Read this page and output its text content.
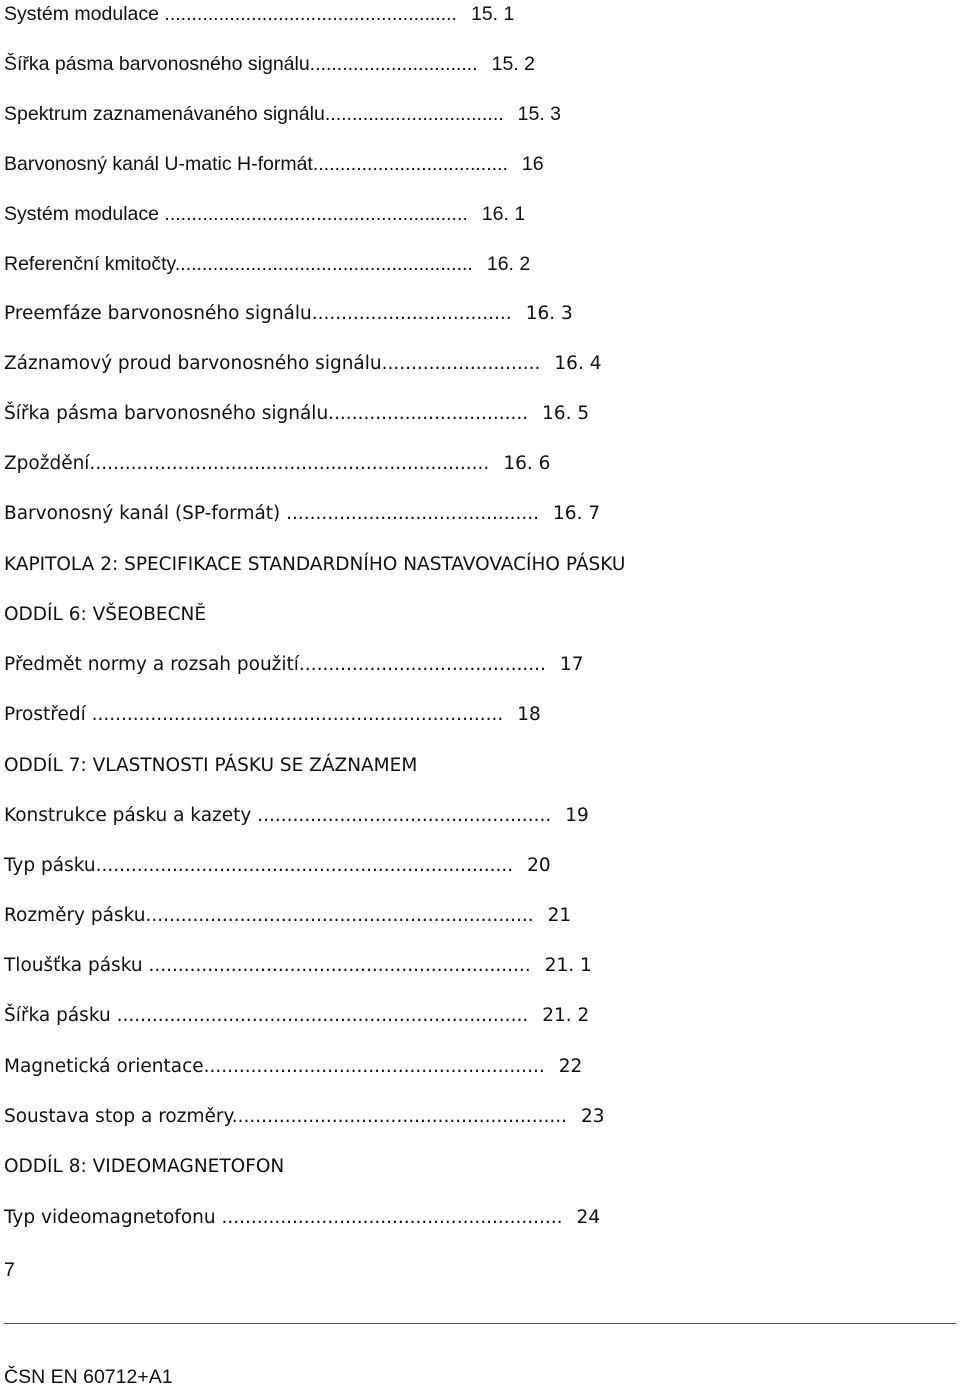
Systém modulace ...................................................... 15. 1
Šířka pásma barvonosného signálu............................... 15. 2
Spektrum zaznamenávaného signálu................................. 15. 3
Barvonosný kanál U-matic H-formát.................................... 16
Systém modulace ........................................................ 16. 1
Referenční kmitočty....................................................... 16. 2
Preemfáze barvonosného signálu.................................. 16. 3
Záznamový proud barvonosného signálu........................... 16. 4
Šířka pásma barvonosného signálu.................................. 16. 5
Zpoždění.................................................................... 16. 6
Barvonosný kanál (SP-formát) ........................................... 16. 7
KAPITOLA 2: SPECIFIKACE STANDARDNÍHO NASTAVOVACÍHO PÁSKU
ODDÍL 6: VŠEOBECNĚ
Předmět normy a rozsah použití.......................................... 17
Prostředí ...................................................................... 18
ODDÍL 7: VLASTNOSTI PÁSKU SE ZÁZNAMEM
Konstrukce pásku a kazety .................................................. 19
Typ pásku....................................................................... 20
Rozměry pásku.................................................................. 21
Tloušťka pásku ................................................................. 21. 1
Šířka pásku ...................................................................... 21. 2
Magnetická orientace.......................................................... 22
Soustava stop a rozměry......................................................... 23
ODDÍL 8: VIDEOMAGNETOFON
Typ videomagnetofonu .......................................................... 24
7
ČSN EN 60712+A1
